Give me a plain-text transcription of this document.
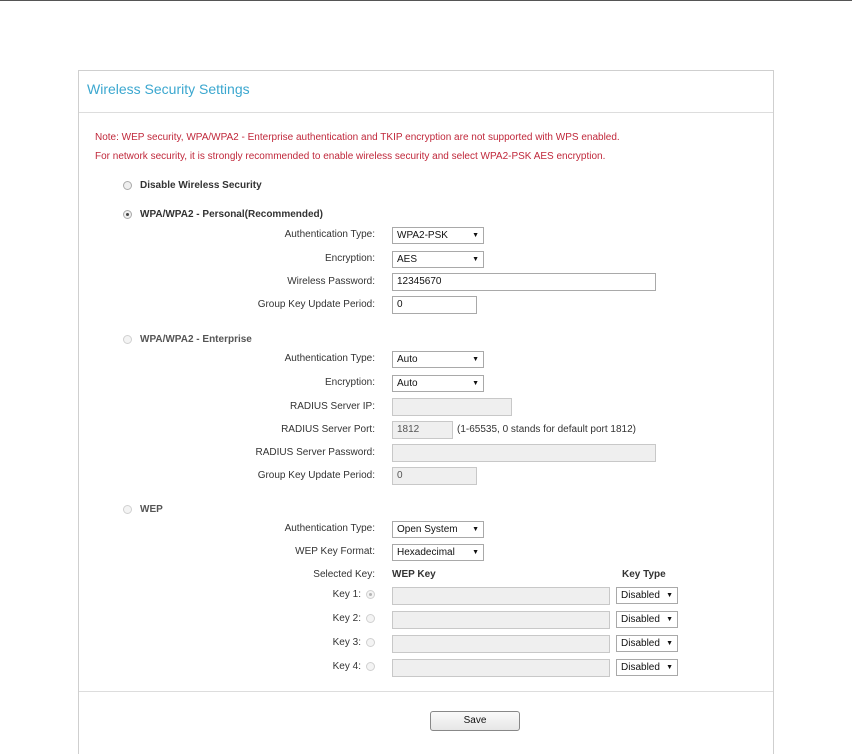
Wireless Security Settings
Note: WEP security, WPA/WPA2 - Enterprise authentication and TKIP encryption are not supported with WPS enabled.
For network security, it is strongly recommended to enable wireless security and select WPA2-PSK AES encryption.
Disable Wireless Security
WPA/WPA2 - Personal(Recommended)
Authentication Type:	WPA2-PSK	▼
Encryption:	AES	▼
Wireless Password:	12345670
Group Key Update Period:	0
WPA/WPA2 - Enterprise
Authentication Type:	Auto	▼
Encryption:	Auto	▼
RADIUS Server IP:
RADIUS Server Port:	1812	(1-65535, 0 stands for default port 1812)
RADIUS Server Password:
Group Key Update Period:	0
WEP
Authentication Type:	Open System ▼
WEP Key Format:	Hexadecimal ▼
Selected Key: WEP Key	Key Type
Key 1:	Disabled ▼
Key 2:	Disabled ▼
Key 3:	Disabled ▼
Key 4:	Disabled ▼
Save
